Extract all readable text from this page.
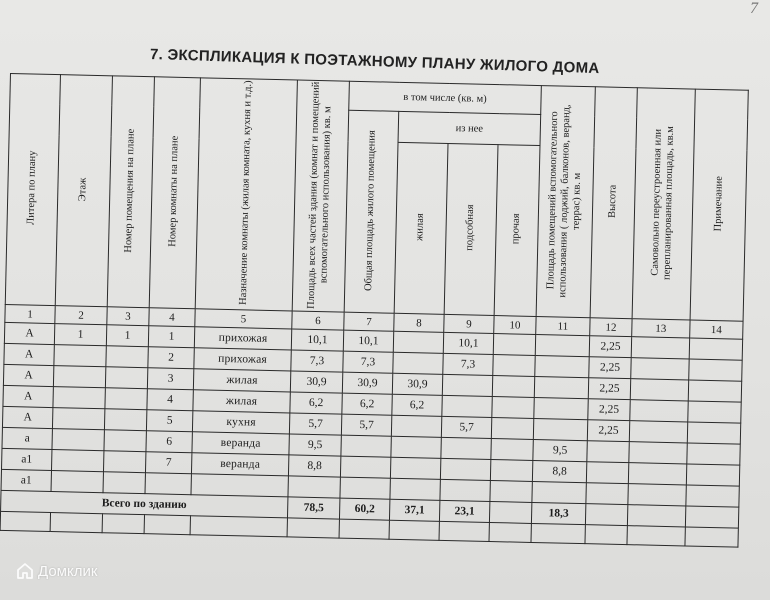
7
7. ЭКСПЛИКАЦИЯ К ПОЭТАЖНОМУ ПЛАНУ ЖИЛОГО ДОМА
Литера по плану	Этаж	Номер помещения на плане	Номер комнаты на плане	Назначение комнаты (жилая комната, кухня и т.д.)	Площадь всех частей здания (комнат и помещений вспомогательного использования) кв. м	в том числе (кв. м)				Площадь помещений вспомогательного использования ( лоджий, балконов, веранд, террас) кв. м	Высота	Самовольно переустроенная или перепланированная площадь, кв.м	Примечание
						Общая площадь жилого помещения	из нее						
							жилая	подсобная	прочая				
1	2	3	4	5	6	7	8	9	10	11	12	13	14
А	1	1	1	прихожая	10,1	10,1		10,1			2,25		
А			2	прихожая	7,3	7,3		7,3			2,25		
А			3	жилая	30,9	30,9	30,9				2,25		
А			4	жилая	6,2	6,2	6,2				2,25		
А			5	кухня	5,7	5,7		5,7			2,25		
а			6	веранда	9,5					9,5			
а1			7	веранда	8,8					8,8			
а1													
Всего по зданию					78,5	60,2	37,1	23,1		18,3			

Домклик
